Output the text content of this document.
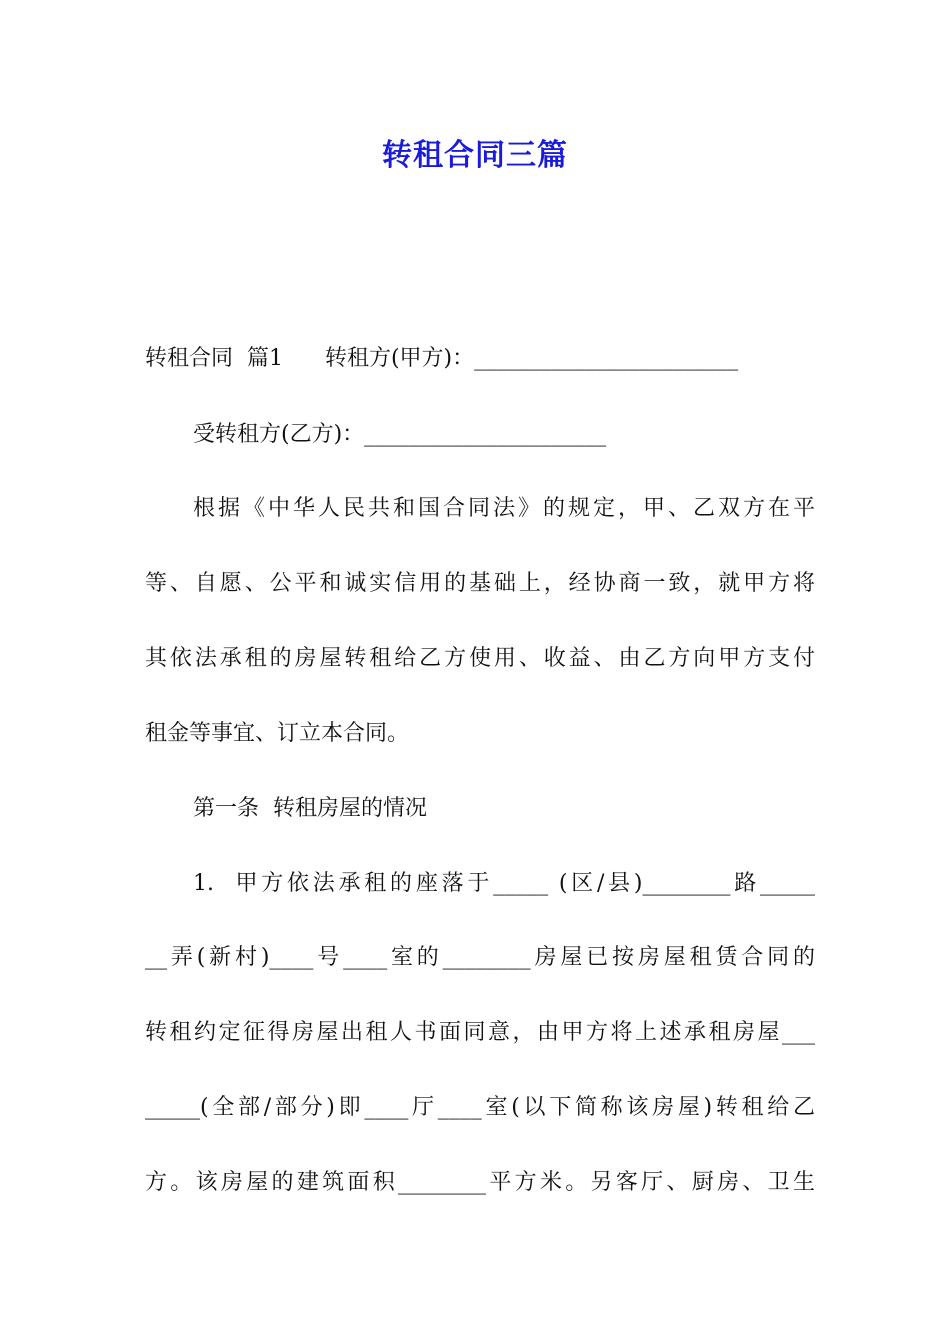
转租合同三篇
转租合同  篇1      转租方(甲方)：________________________
受转租方(乙方)：______________________
根据《中华人民共和国合同法》的规定，甲、乙双方在平
等、自愿、公平和诚实信用的基础上，经协商一致，就甲方将
其依法承租的房屋转租给乙方使用、收益、由乙方向甲方支付
租金等事宜、订立本合同。
第一条  转租房屋的情况
1.  甲方依法承租的座落于_____ (区/县)________路_____
__弄(新村)____号____室的________房屋已按房屋租赁合同的
转租约定征得房屋出租人书面同意，由甲方将上述承租房屋___
_____(全部/部分)即____厅____室(以下简称该房屋)转租给乙
方。该房屋的建筑面积________平方米。另客厅、厨房、卫生
